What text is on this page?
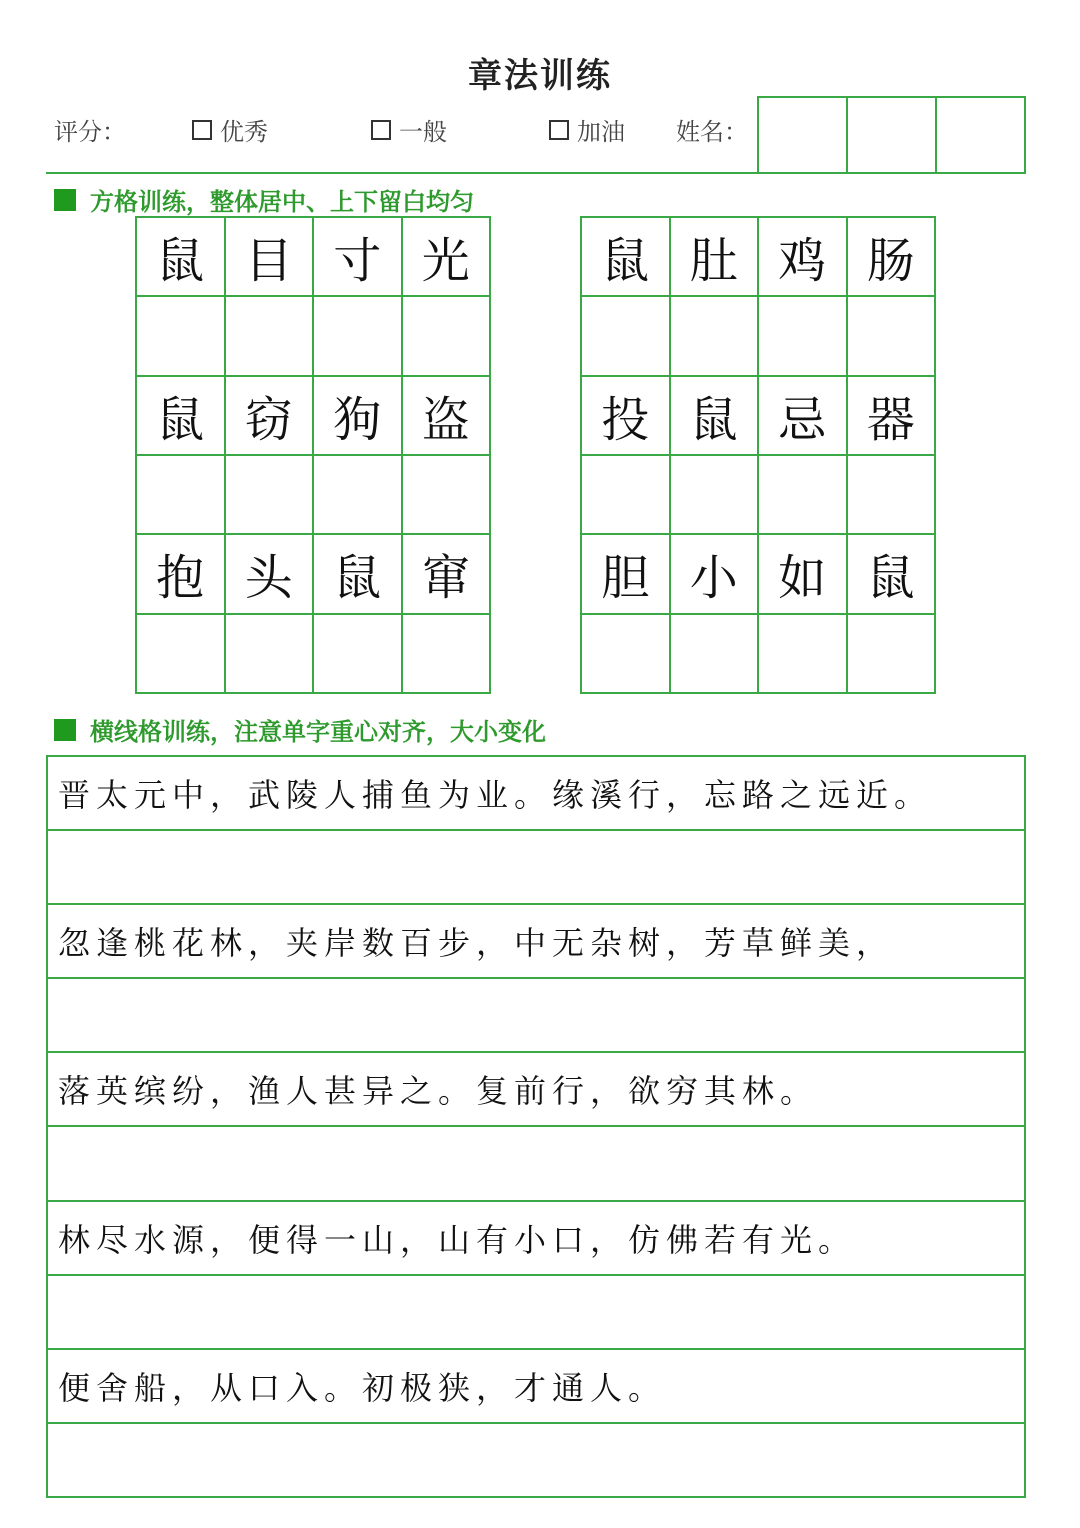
章法训练
评分：	优秀	一般	加油 姓名：
方格训练，整体居中、上下留白均匀
鼠 目 寸 光
鼠 窃 狗 盗
抱 头 鼠 窜
鼠 肚 鸡 肠
投 鼠 忌 器
胆 小 如 鼠
横线格训练，注意单字重心对齐，大小变化
晋太元中，武陵人捕鱼为业。缘溪行，忘路之远近。
忽逢桃花林，夹岸数百步，中无杂树，芳草鲜美，
落英缤纷，渔人甚异之。复前行，欲穷其林。
林尽水源，便得一山，山有小口，仿佛若有光。
便舍船，从口入。初极狭，才通人。
